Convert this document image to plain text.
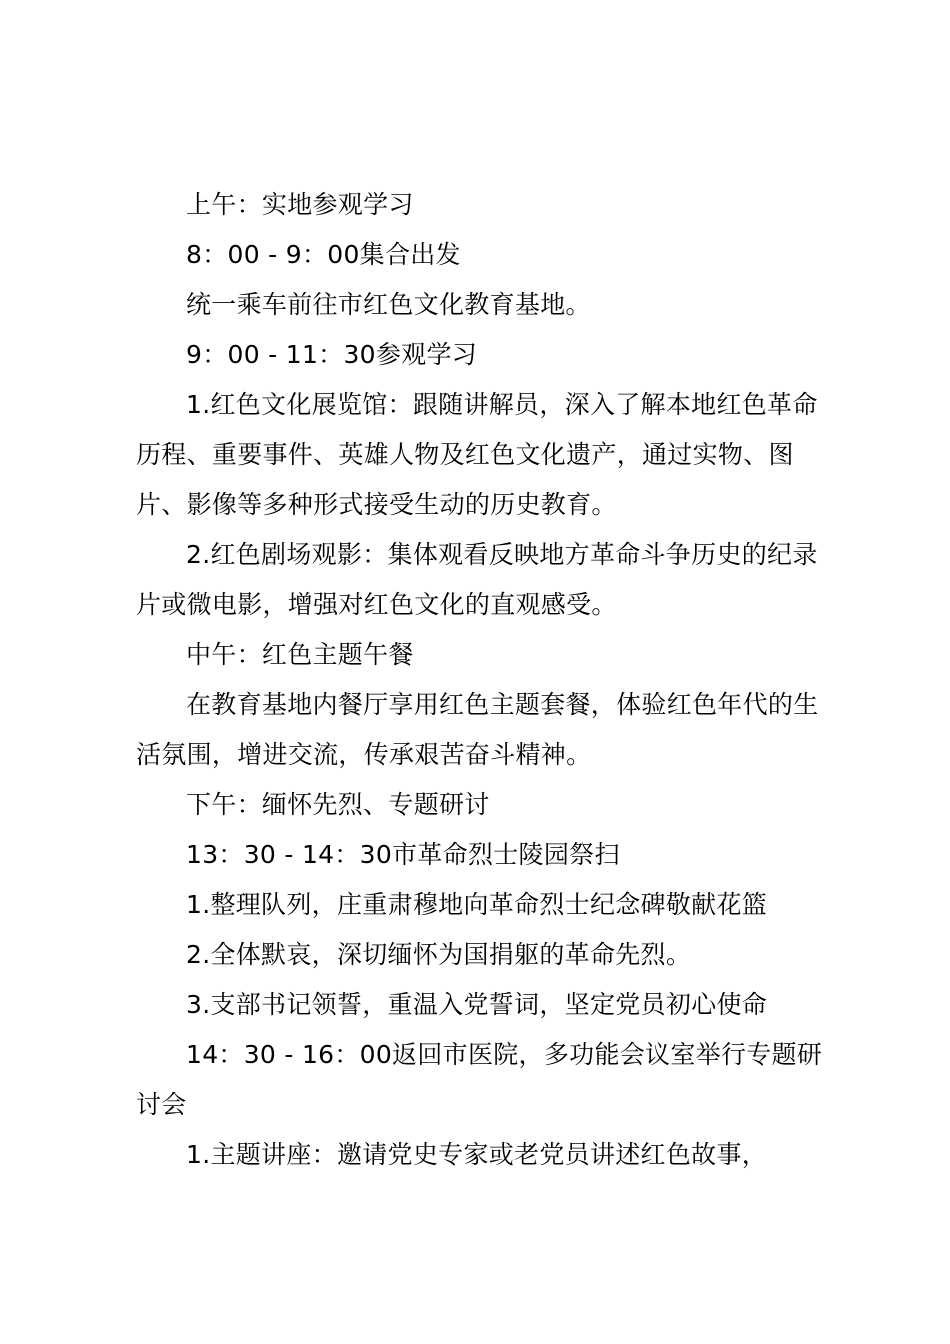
上午：实地参观学习

8：00 - 9：00集合出发

统一乘车前往市红色文化教育基地。

9：00 - 11：30参观学习

1.红色文化展览馆：跟随讲解员，深入了解本地红色革命历程、重要事件、英雄人物及红色文化遗产，通过实物、图片、影像等多种形式接受生动的历史教育。

2.红色剧场观影：集体观看反映地方革命斗争历史的纪录片或微电影，增强对红色文化的直观感受。

中午：红色主题午餐

在教育基地内餐厅享用红色主题套餐，体验红色年代的生活氛围，增进交流，传承艰苦奋斗精神。

下午：缅怀先烈、专题研讨

13：30 - 14：30市革命烈士陵园祭扫

1.整理队列，庄重肃穆地向革命烈士纪念碑敬献花篮

2.全体默哀，深切缅怀为国捐躯的革命先烈。

3.支部书记领誓，重温入党誓词，坚定党员初心使命

14：30 - 16：00返回市医院，多功能会议室举行专题研讨会

1.主题讲座：邀请党史专家或老党员讲述红色故事，
